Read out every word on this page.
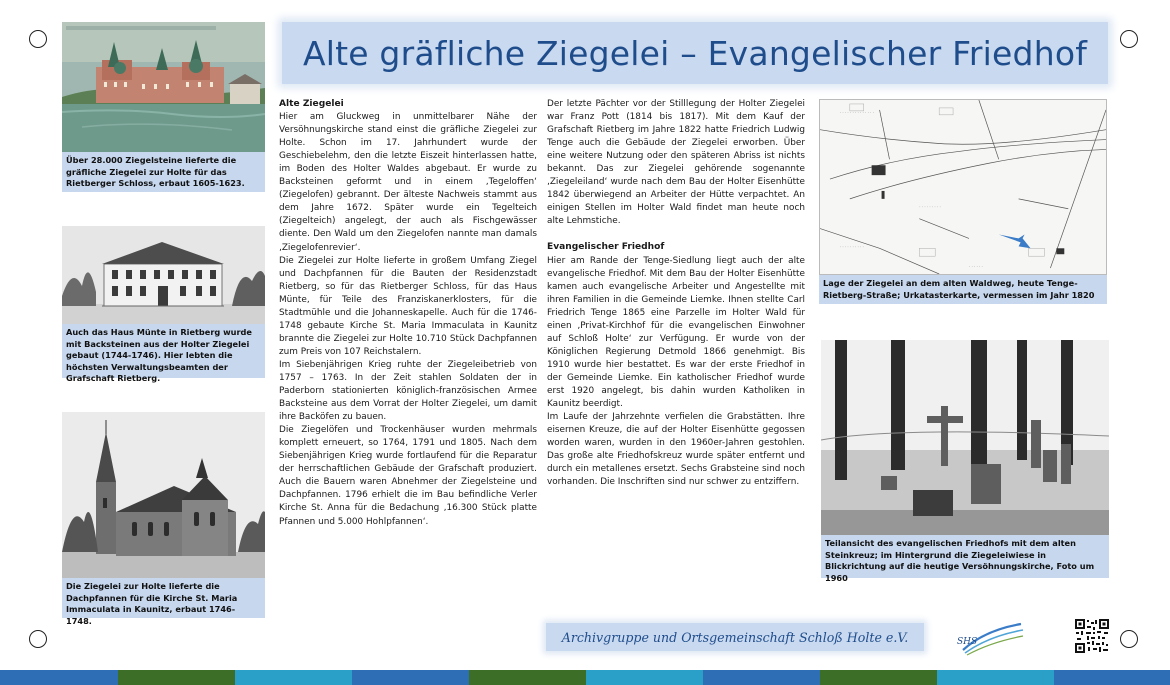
Alte gräfliche Ziegelei – Evangelischer Friedhof
Über 28.000 Ziegelsteine lieferte die gräfliche Ziegelei zur Holte für das Rietberger Schloss, erbaut 1605-1623.
Auch das Haus Münte in Rietberg wurde mit Backsteinen aus der Holter Ziegelei gebaut (1744-1746). Hier lebten die höchsten Verwaltungsbeamten der Grafschaft Rietberg.
Die Ziegelei zur Holte lieferte die Dachpfannen für die Kirche St. Maria Immaculata in Kaunitz, erbaut 1746-1748.
Alte Ziegelei

Hier am Gluckweg in unmittelbarer Nähe der Versöhnungskirche stand einst die gräfliche Ziegelei zur Holte. Schon im 17. Jahrhundert wurde der Geschiebelehm, den die letzte Eiszeit hinterlassen hatte, im Boden des Holter Waldes abgebaut. Er wurde zu Backsteinen geformt und in einem ‚Tegeloffen‘ (Ziegelofen) gebrannt. Der älteste Nachweis stammt aus dem Jahre 1672. Später wurde ein Tegelteich (Ziegelteich) angelegt, der auch als Fischgewässer diente. Den Wald um den Ziegelofen nannte man damals ‚Ziegelofenrevier‘.

Die Ziegelei zur Holte lieferte in großem Umfang Ziegel und Dachpfannen für die Bauten der Residenzstadt Rietberg, so für das Rietberger Schloss, für das Haus Münte, für Teile des Franziskanerklosters, für die Stadtmühle und die Johanneskapelle. Auch für die 1746-1748 gebaute Kirche St. Maria Immaculata in Kaunitz brannte die Ziegelei zur Holte 10.710 Stück Dachpfannen zum Preis von 107 Reichstalern.

Im Siebenjährigen Krieg ruhte der Ziegeleibetrieb von 1757 – 1763. In der Zeit stahlen Soldaten der in Paderborn stationierten königlich-französischen Armee Backsteine aus dem Vorrat der Holter Ziegelei, um damit ihre Backöfen zu bauen.

Die Ziegelöfen und Trockenhäuser wurden mehrmals komplett erneuert, so 1764, 1791 und 1805. Nach dem Siebenjährigen Krieg wurde fortlaufend für die Reparatur der herrschaftlichen Gebäude der Grafschaft produziert. Auch die Bauern waren Abnehmer der Ziegelsteine und Dachpfannen. 1796 erhielt die im Bau befindliche Verler Kirche St. Anna für die Bedachung ‚16.300 Stück platte Pfannen und 5.000 Hohlpfannen‘.

Der letzte Pächter vor der Stilllegung der Holter Ziegelei war Franz Pott (1814 bis 1817). Mit dem Kauf der Grafschaft Rietberg im Jahre 1822 hatte Friedrich Ludwig Tenge auch die Gebäude der Ziegelei erworben. Über eine weitere Nutzung oder den späteren Abriss ist nichts bekannt. Das zur Ziegelei gehörende sogenannte ‚Ziegeleiland‘ wurde nach dem Bau der Holter Eisenhütte 1842 überwiegend an Arbeiter der Hütte verpachtet. An einigen Stellen im Holter Wald findet man heute noch alte Lehmstiche.

Evangelischer Friedhof

Hier am Rande der Tenge-Siedlung liegt auch der alte evangelische Friedhof. Mit dem Bau der Holter Eisenhütte kamen auch evangelische Arbeiter und Angestellte mit ihren Familien in die Gemeinde Liemke. Ihnen stellte Carl Friedrich Tenge 1865 eine Parzelle im Holter Wald für einen ‚Privat-Kirchhof für die evangelischen Einwohner auf Schloß Holte‘ zur Verfügung. Er wurde von der Königlichen Regierung Detmold 1866 genehmigt. Bis 1910 wurde hier bestattet. Es war der erste Friedhof in der Gemeinde Liemke. Ein katholischer Friedhof wurde erst 1920 angelegt, bis dahin wurden Katholiken in Kaunitz beerdigt.

Im Laufe der Jahrzehnte verfielen die Grabstätten. Ihre eisernen Kreuze, die auf der Holter Eisenhütte gegossen worden waren, wurden in den 1960er-Jahren gestohlen. Das große alte Friedhofskreuz wurde später entfernt und durch ein metallenes ersetzt. Sechs Grabsteine sind noch vorhanden. Die Inschriften sind nur schwer zu entziffern.

· · · · · · · · · · · · · ·
· · · · · · · · ·
· · · · · · · · · ·
· · · · · ·
Lage der Ziegelei an dem alten Waldweg, heute Tenge-Rietberg-Straße; Urkatasterkarte, vermessen im Jahr 1820
Teilansicht des evangelischen Friedhofs mit dem alten Steinkreuz; im Hintergrund die Ziegeleiwiese in Blickrichtung auf die heutige Versöhnungskirche, Foto um 1960
Archivgruppe und Ortsgemeinschaft Schloß Holte e.V.	SHS
